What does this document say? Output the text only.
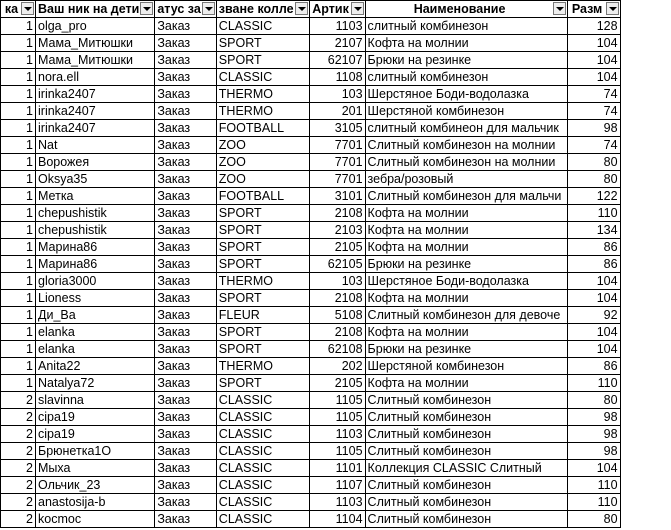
ка	Ваш ник на дети	атус за	зване колле	Артик	Наименование	Разм

1	olga_pro	Заказ	CLASSIC	1103	слитный комбинезон	128
1	Мама_Митюшки	Заказ	SPORT	2107	Кофта на молнии	104
1	Мама_Митюшки	Заказ	SPORT	62107	Брюки на резинке	104
1	nora.ell	Заказ	CLASSIC	1108	слитный комбинезон	104
1	irinka2407	Заказ	THERMO	103	Шерстяное Боди-водолазка	74
1	irinka2407	Заказ	THERMO	201	Шерстяной комбинезон	74
1	irinka2407	Заказ	FOOTBALL	3105	слитный комбинеон для мальчик	98
1	Nat	Заказ	ZOO	7701	Слитный комбинезон на молнии	74
1	Ворожея	Заказ	ZOO	7701	Слитный комбинезон на молнии	80
1	Oksya35	Заказ	ZOO	7701	зебра/розовый	80
1	Метка	Заказ	FOOTBALL	3101	Слитный комбинезон для мальчи	122
1	chepushistik	Заказ	SPORT	2108	Кофта на молнии	110
1	chepushistik	Заказ	SPORT	2103	Кофта на молнии	134
1	Марина86	Заказ	SPORT	2105	Кофта на молнии	86
1	Марина86	Заказ	SPORT	62105	Брюки на резинке	86
1	gloria3000	Заказ	THERMO	103	Шерстяное Боди-водолазка	104
1	Lioness	Заказ	SPORT	2108	Кофта на молнии	104
1	Ди_Ва	Заказ	FLEUR	5108	Слитный комбинезон для девоче	92
1	elanka	Заказ	SPORT	2108	Кофта на молнии	104
1	elanka	Заказ	SPORT	62108	Брюки на резинке	104
1	Anita22	Заказ	THERMO	202	Шерстяной комбинезон	86
1	Natalya72	Заказ	SPORT	2105	Кофта на молнии	110
2	slavinna	Заказ	CLASSIC	1105	Слитный комбинезон	80
2	cipa19	Заказ	CLASSIC	1105	Слитный комбинезон	98
2	cipa19	Заказ	CLASSIC	1103	Слитный комбинезон	98
2	Брюнетка1О	Заказ	CLASSIC	1105	Слитный комбинезон	98
2	Мыха	Заказ	CLASSIC	1101	Коллекция CLASSIC Слитный	104
2	Ольчик_23	Заказ	CLASSIC	1107	Слитный комбинезон	110
2	anastosija-b	Заказ	CLASSIC	1103	Слитный комбинезон	110
2	kocmoc	Заказ	CLASSIC	1104	Слитный комбинезон	80
